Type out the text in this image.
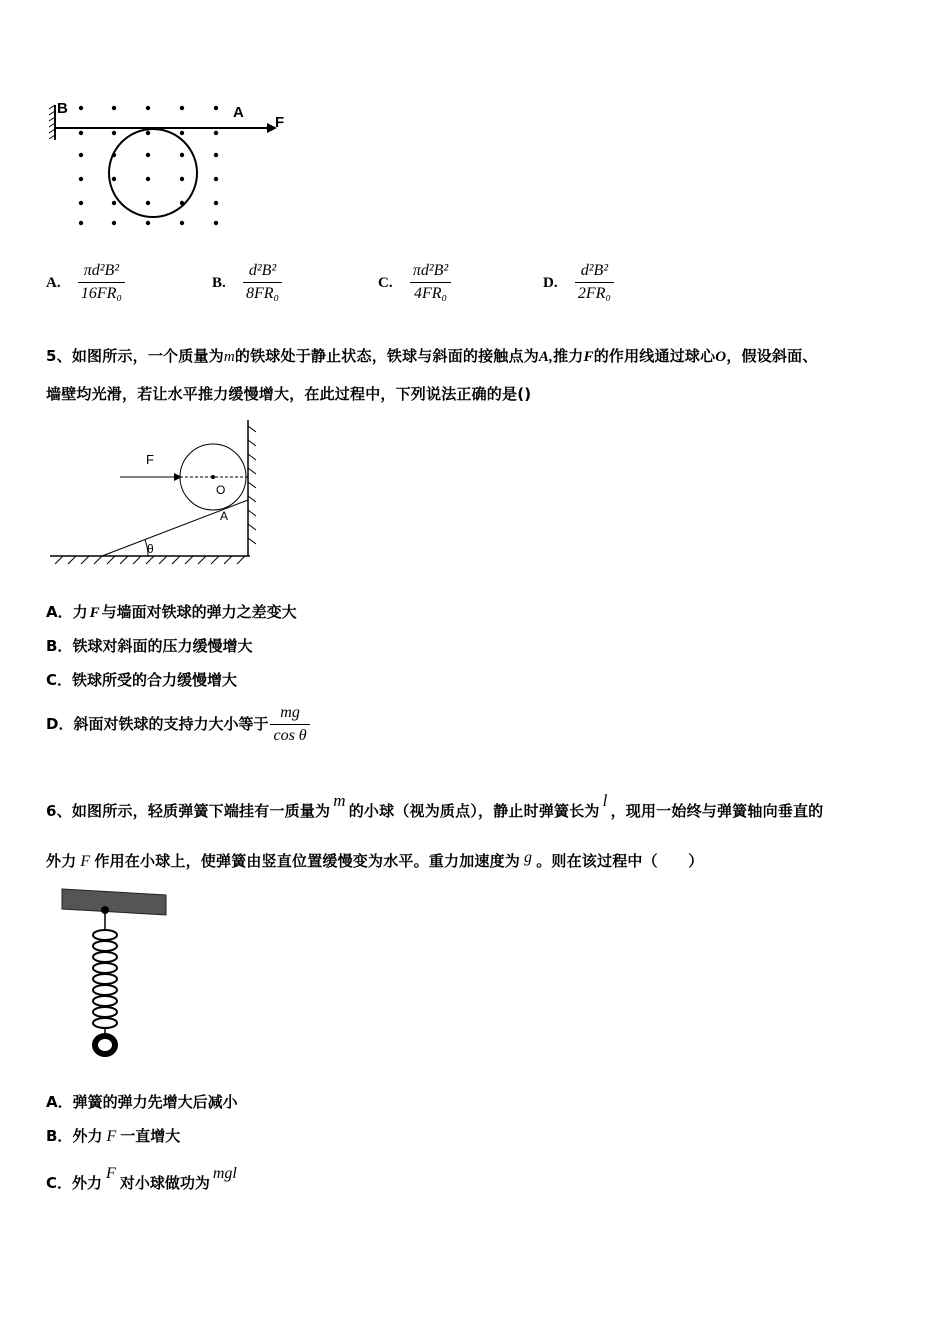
B	A
F
A. $\frac{\text{πd²B²}}{\text{16FR₀}}$	B. $\frac{\text{d²B²}}{\text{8FR₀}}$	C. $\frac{\text{πd²B²}}{\text{4FR₀}}$	D. $\frac{\text{d²B²}}{\text{2FR₀}}$
5、如图所示，一个质量为m的铁球处于静止状态，铁球与斜面的接触点为A,推力F的作用线通过球心O，假设斜面、
墙壁均光滑，若让水平推力缓慢增大，在此过程中，下列说法正确的是()
θ
F
O
A
A．力 F 与墙面对铁球的弹力之差变大
B．铁球对斜面的压力缓慢增大
C．铁球所受的合力缓慢增大
D．斜面对铁球的支持力大小等于 $\frac{mg}{\text{cos θ}}$
6、如图所示，轻质弹簧下端挂有一质量为m的小球（视为质点），静止时弹簧长为l，现用一始终与弹簧轴向垂直的
外力 F 作用在小球上，使弹簧由竖直位置缓慢变为水平。重力加速度为 g 。则在该过程中（　　）
A．弹簧的弹力先增大后减小
B．外力 F 一直增大
C．外力F对小球做功为mgl
